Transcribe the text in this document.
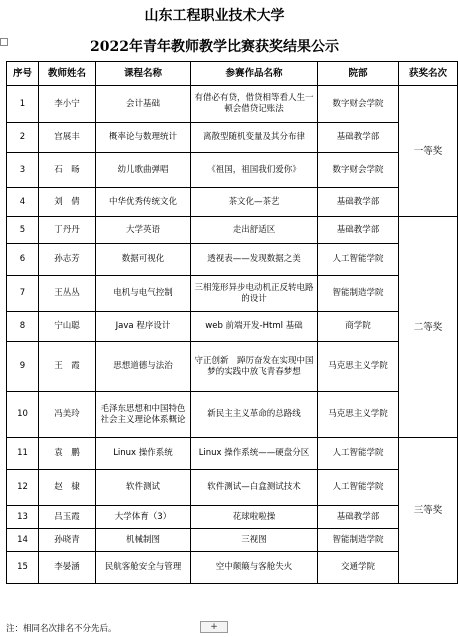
山东工程职业技术大学
2022年青年教师教学比赛获奖结果公示
序号	教师姓名	课程名称	参赛作品名称	院部	获奖名次
1	李小宁	会计基础	有借必有贷，借贷相等看人生一顿会借贷记账法	数字财会学院	一等奖
2	宫展丰	概率论与数理统计	离散型随机变量及其分布律	基础教学部	
3	石　旸	幼儿歌曲弹唱	《祖国，祖国我们爱你》	数字财会学院	
4	刘　倩	中华优秀传统文化	茶文化—茶艺	基础教学部	
5	丁丹丹	大学英语	走出舒适区	基础教学部	二等奖
6	孙志芳	数据可视化	透视表——发现数据之美	人工智能学院	
7	王丛丛	电机与电气控制	三相笼形异步电动机正反转电路的设计	智能制造学院	
8	宁山聪	Java 程序设计	web 前端开发-Html 基础	商学院	
9	王　霞	思想道德与法治	守正创新　踔厉奋发在实现中国梦的实践中放飞青春梦想	马克思主义学院	
10	冯美玲	毛泽东思想和中国特色社会主义理论体系概论	新民主主义革命的总路线	马克思主义学院	
11	袁　鹏	Linux 操作系统	Linux 操作系统——硬盘分区	人工智能学院	三等奖
12	赵　棣	软件测试	软件测试—白盒测试技术	人工智能学院	
13	吕玉霞	大学体育（3）	花球啦啦操	基础教学部	
14	孙晓青	机械制图	三视图	智能制造学院	
15	李晏涵	民航客舱安全与管理	空中颠簸与客舱失火	交通学院	
注：相同名次排名不分先后。	+
